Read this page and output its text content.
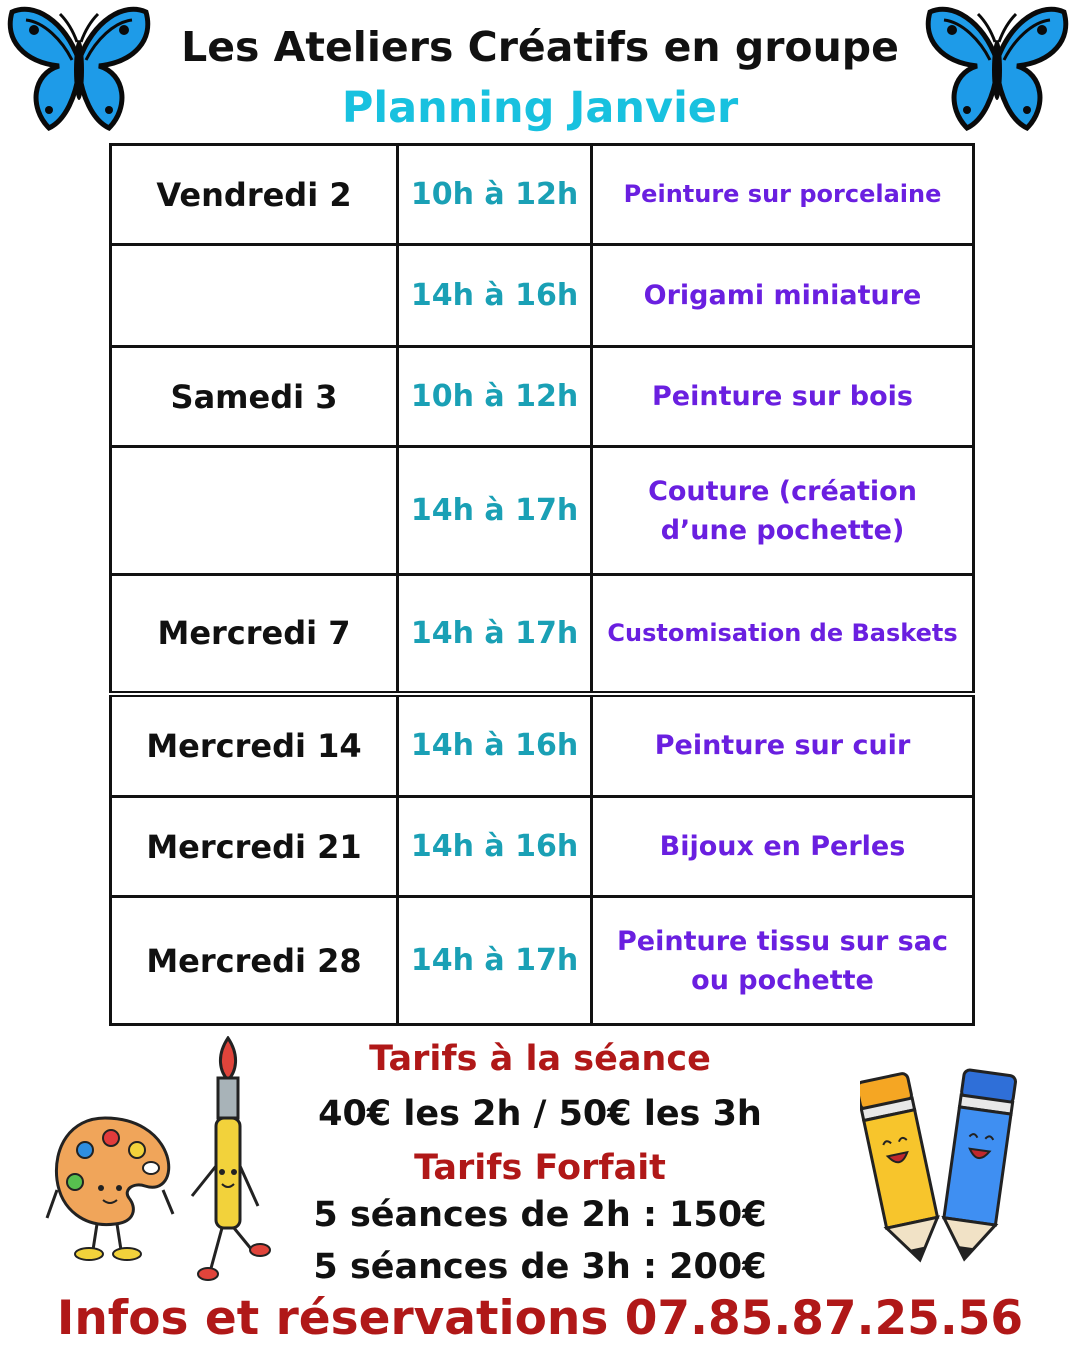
Les Ateliers Créatifs en groupe
Planning Janvier
Vendredi 2	10h à 12h	Peinture sur porcelaine
	14h à 16h	Origami miniature
Samedi 3	10h à 12h	Peinture sur bois
	14h à 17h	Couture (création d’une pochette)
Mercredi 7	14h à 17h	Customisation de Baskets
Mercredi 14	14h à 16h	Peinture sur cuir
Mercredi 21	14h à 16h	Bijoux en Perles
Mercredi 28	14h à 17h	Peinture tissu sur sac ou pochette
Tarifs à la séance
40€ les 2h / 50€ les 3h
Tarifs Forfait
5 séances de 2h : 150€
5 séances de 3h : 200€
Infos et réservations 07.85.87.25.56
